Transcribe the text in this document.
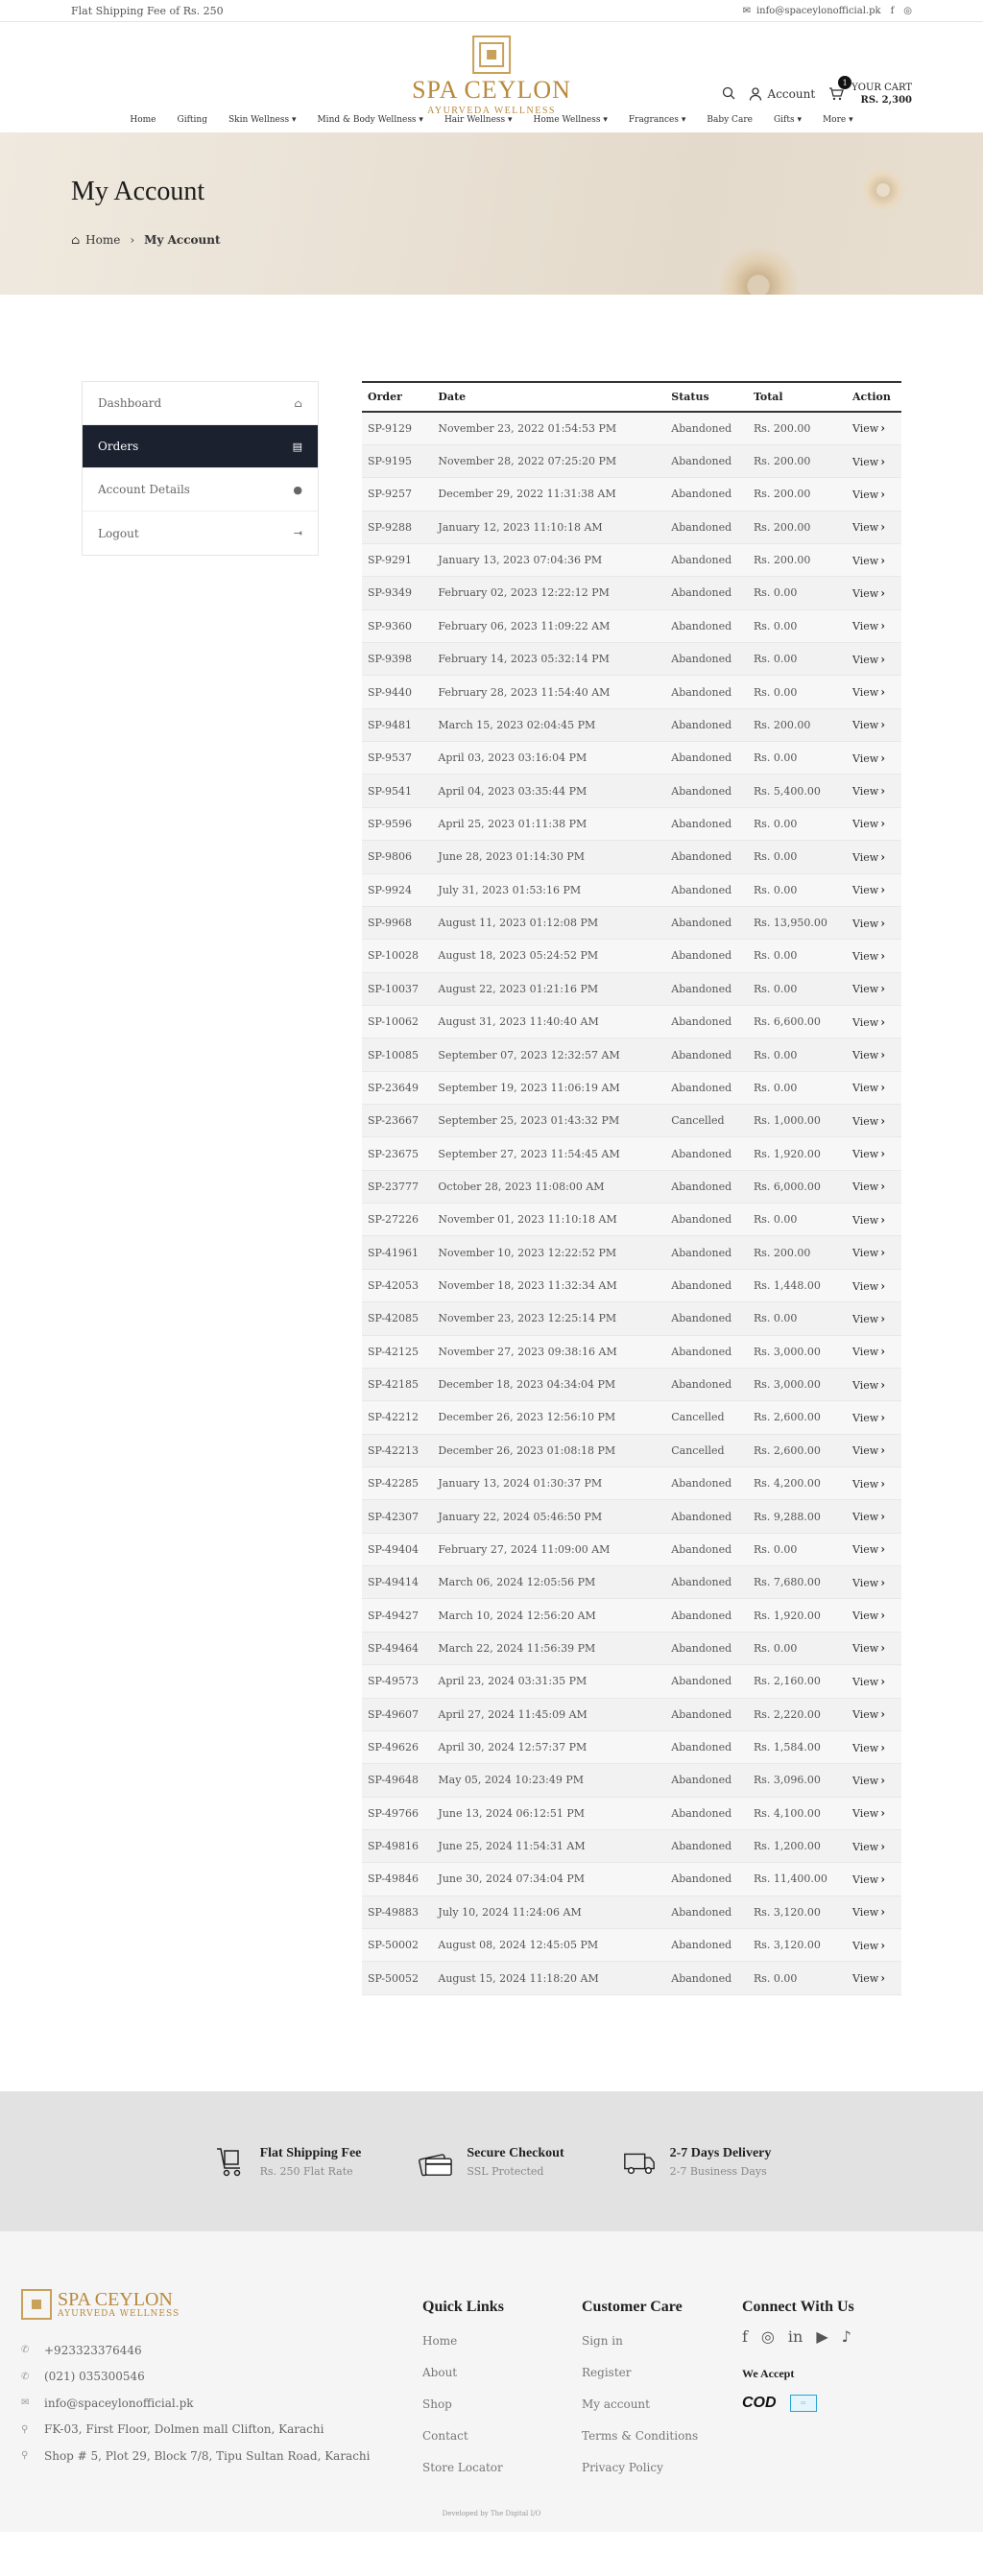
Flat Shipping Fee of Rs. 250	✉ info@spaceylonofficial.pk f ◎
SPA CEYLON
AYURVEDA WELLNESS
Account
1 YOUR CART
RS. 2,300
Home Gifting Skin Wellness ▾ Mind & Body Wellness ▾ Hair Wellness ▾ Home Wellness ▾ Fragrances ▾ Baby Care Gifts ▾ More ▾
My Account
⌂ Home › My Account
Dashboard	⌂
Orders	▤
Account Details	●
Logout	⇥
Order	Date	Status	Total	Action
SP-9129	November 23, 2022 01:54:53 PM	Abandoned	Rs. 200.00	View ›
SP-9195	November 28, 2022 07:25:20 PM	Abandoned	Rs. 200.00	View ›
SP-9257	December 29, 2022 11:31:38 AM	Abandoned	Rs. 200.00	View ›
SP-9288	January 12, 2023 11:10:18 AM	Abandoned	Rs. 200.00	View ›
SP-9291	January 13, 2023 07:04:36 PM	Abandoned	Rs. 200.00	View ›
SP-9349	February 02, 2023 12:22:12 PM	Abandoned	Rs. 0.00	View ›
SP-9360	February 06, 2023 11:09:22 AM	Abandoned	Rs. 0.00	View ›
SP-9398	February 14, 2023 05:32:14 PM	Abandoned	Rs. 0.00	View ›
SP-9440	February 28, 2023 11:54:40 AM	Abandoned	Rs. 0.00	View ›
SP-9481	March 15, 2023 02:04:45 PM	Abandoned	Rs. 200.00	View ›
SP-9537	April 03, 2023 03:16:04 PM	Abandoned	Rs. 0.00	View ›
SP-9541	April 04, 2023 03:35:44 PM	Abandoned	Rs. 5,400.00	View ›
SP-9596	April 25, 2023 01:11:38 PM	Abandoned	Rs. 0.00	View ›
SP-9806	June 28, 2023 01:14:30 PM	Abandoned	Rs. 0.00	View ›
SP-9924	July 31, 2023 01:53:16 PM	Abandoned	Rs. 0.00	View ›
SP-9968	August 11, 2023 01:12:08 PM	Abandoned	Rs. 13,950.00	View ›
SP-10028	August 18, 2023 05:24:52 PM	Abandoned	Rs. 0.00	View ›
SP-10037	August 22, 2023 01:21:16 PM	Abandoned	Rs. 0.00	View ›
SP-10062	August 31, 2023 11:40:40 AM	Abandoned	Rs. 6,600.00	View ›
SP-10085	September 07, 2023 12:32:57 AM	Abandoned	Rs. 0.00	View ›
SP-23649	September 19, 2023 11:06:19 AM	Abandoned	Rs. 0.00	View ›
SP-23667	September 25, 2023 01:43:32 PM	Cancelled	Rs. 1,000.00	View ›
SP-23675	September 27, 2023 11:54:45 AM	Abandoned	Rs. 1,920.00	View ›
SP-23777	October 28, 2023 11:08:00 AM	Abandoned	Rs. 6,000.00	View ›
SP-27226	November 01, 2023 11:10:18 AM	Abandoned	Rs. 0.00	View ›
SP-41961	November 10, 2023 12:22:52 PM	Abandoned	Rs. 200.00	View ›
SP-42053	November 18, 2023 11:32:34 AM	Abandoned	Rs. 1,448.00	View ›
SP-42085	November 23, 2023 12:25:14 PM	Abandoned	Rs. 0.00	View ›
SP-42125	November 27, 2023 09:38:16 AM	Abandoned	Rs. 3,000.00	View ›
SP-42185	December 18, 2023 04:34:04 PM	Abandoned	Rs. 3,000.00	View ›
SP-42212	December 26, 2023 12:56:10 PM	Cancelled	Rs. 2,600.00	View ›
SP-42213	December 26, 2023 01:08:18 PM	Cancelled	Rs. 2,600.00	View ›
SP-42285	January 13, 2024 01:30:37 PM	Abandoned	Rs. 4,200.00	View ›
SP-42307	January 22, 2024 05:46:50 PM	Abandoned	Rs. 9,288.00	View ›
SP-49404	February 27, 2024 11:09:00 AM	Abandoned	Rs. 0.00	View ›
SP-49414	March 06, 2024 12:05:56 PM	Abandoned	Rs. 7,680.00	View ›
SP-49427	March 10, 2024 12:56:20 AM	Abandoned	Rs. 1,920.00	View ›
SP-49464	March 22, 2024 11:56:39 PM	Abandoned	Rs. 0.00	View ›
SP-49573	April 23, 2024 03:31:35 PM	Abandoned	Rs. 2,160.00	View ›
SP-49607	April 27, 2024 11:45:09 AM	Abandoned	Rs. 2,220.00	View ›
SP-49626	April 30, 2024 12:57:37 PM	Abandoned	Rs. 1,584.00	View ›
SP-49648	May 05, 2024 10:23:49 PM	Abandoned	Rs. 3,096.00	View ›
SP-49766	June 13, 2024 06:12:51 PM	Abandoned	Rs. 4,100.00	View ›
SP-49816	June 25, 2024 11:54:31 AM	Abandoned	Rs. 1,200.00	View ›
SP-49846	June 30, 2024 07:34:04 PM	Abandoned	Rs. 11,400.00	View ›
SP-49883	July 10, 2024 11:24:06 AM	Abandoned	Rs. 3,120.00	View ›
SP-50002	August 08, 2024 12:45:05 PM	Abandoned	Rs. 3,120.00	View ›
SP-50052	August 15, 2024 11:18:20 AM	Abandoned	Rs. 0.00	View ›
Flat Shipping Fee

Rs. 250 Flat Rate

Secure Checkout

SSL Protected

2-7 Days Delivery

2-7 Business Days

SPA CEYLON
AYURVEDA WELLNESS
✆ +923323376446
✆ (021) 035300546
✉ info@spaceylonofficial.pk
⚲ FK-03, First Floor, Dolmen mall Clifton, Karachi
⚲ Shop # 5, Plot 29, Block 7/8, Tipu Sultan Road, Karachi
Quick Links
Home
About
Shop
Contact
Store Locator
Customer Care
Sign in
Register
My account
Terms & Conditions
Privacy Policy
Connect With Us
f ◎ in ▶ ♪
We Accept
COD	▭
Developed by The Digital I/O
